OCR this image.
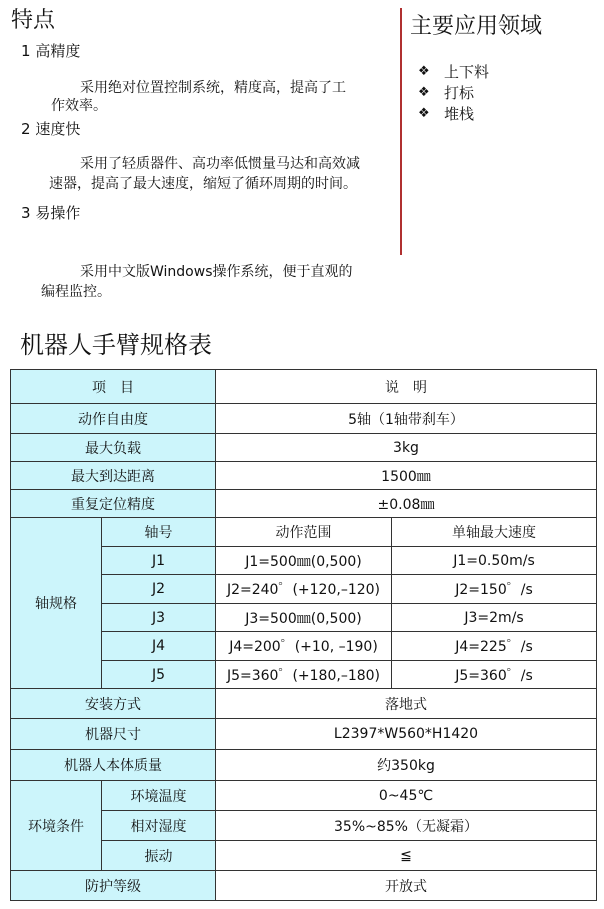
特点
1 高精度
采用绝对位置控制系统，精度高，提高了工
作效率。
2 速度快
采用了轻质器件、高功率低惯量马达和高效减
速器，提高了最大速度，缩短了循环周期的时间。
3 易操作
采用中文版Windows操作系统，便于直观的
编程监控。
主要应用领域
❖ 上下料
❖ 打标
❖ 堆栈
机器人手臂规格表
项　目		说　明	
动作自由度		5轴（1轴带刹车）	
最大负载		3kg	
最大到达距离		1500㎜	
重复定位精度		±0.08㎜	
轴规格	轴号	动作范围	单轴最大速度
	J1	J1=500㎜(0,500)	J1=0.50m/s
	J2	J2=240゜(+120,–120)	J2=150゜/s
	J3	J3=500㎜(0,500)	J3=2m/s
	J4	J4=200゜(+10, –190)	J4=225゜/s
	J5	J5=360゜(+180,–180)	J5=360゜/s
安装方式		落地式	
机器尺寸		L2397*W560*H1420	
机器人本体质量		约350kg	
环境条件	环境温度	0~45℃	
	相对湿度	35%~85%（无凝霜）	
	振动	≦	
防护等级		开放式	
